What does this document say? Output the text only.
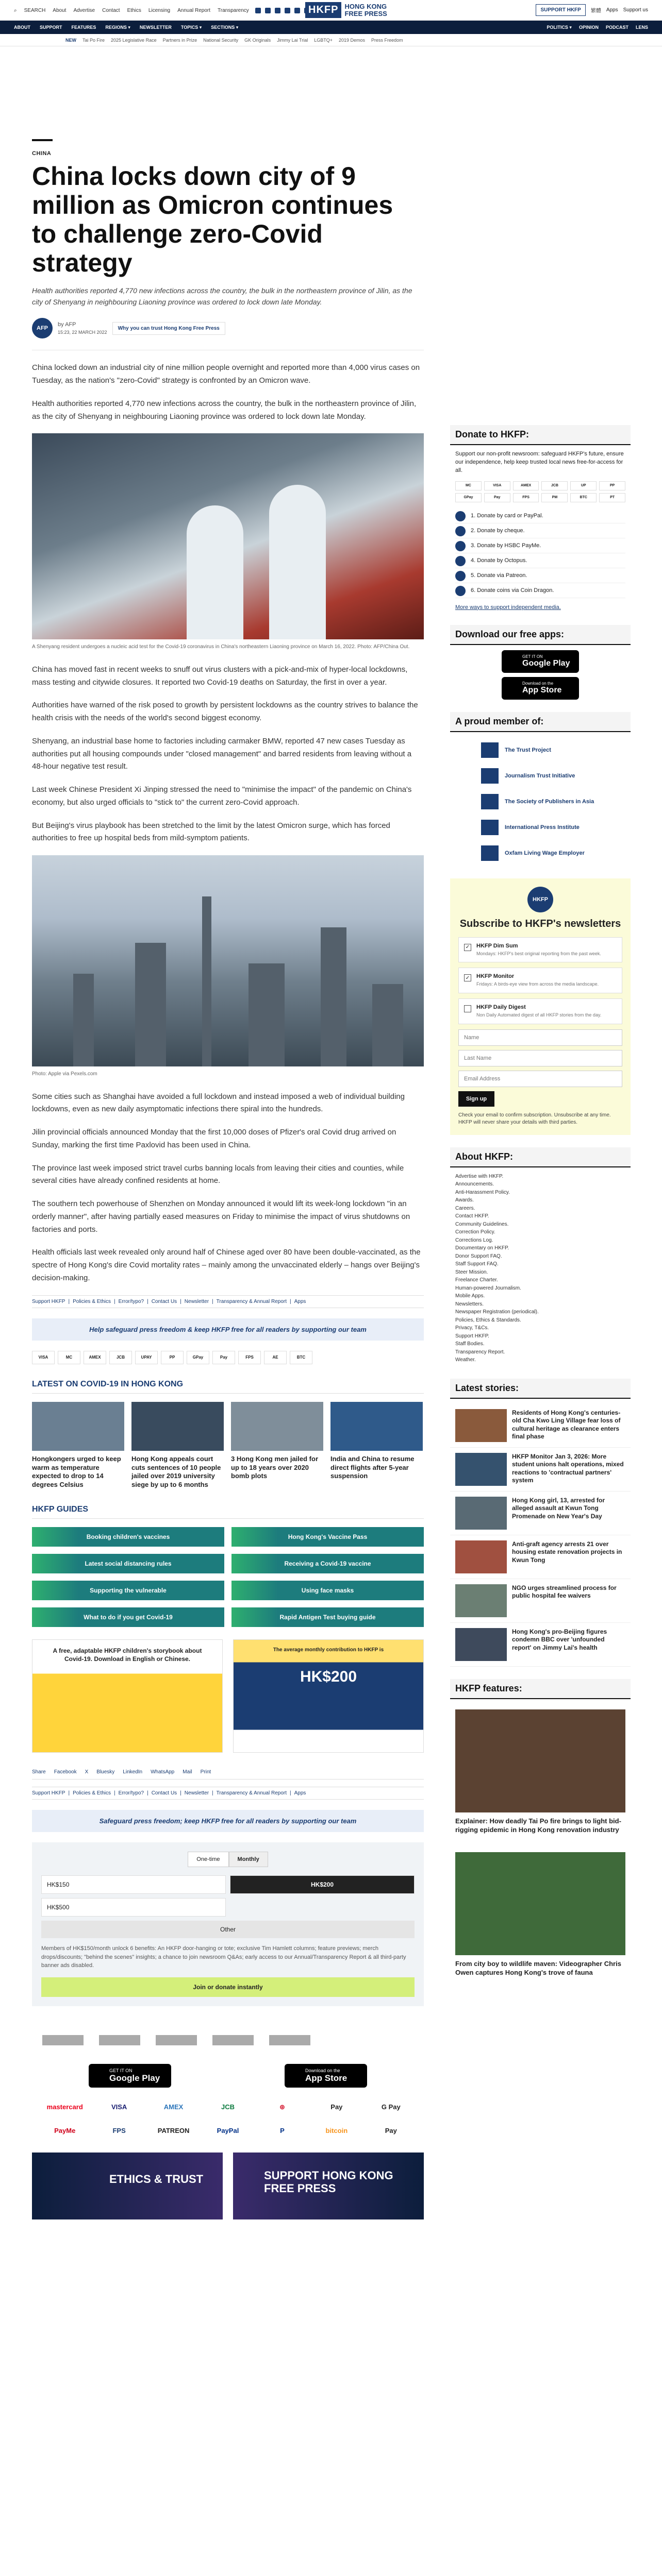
⌕ SEARCH About Advertise Contact Ethics Licensing Annual Report Transparency	HKFP HONG KONG
FREE PRESS	SUPPORT HKFP	繁體 Apps Support us
ABOUT SUPPORT FEATURES REGIONS ▾ NEWSLETTER TOPICS ▾ SECTIONS ▾	POLITICS ▾ OPINION PODCAST LENS
NEW Tai Po Fire 2025 Legislative Race Partners in Prize National Security GK Originals Jimmy Lai Trial LGBTQ+ 2019 Demos Press Freedom
CHINA
China locks down city of 9 million as Omicron continues to challenge zero-Covid strategy
Health authorities reported 4,770 new infections across the country, the bulk in the northeastern province of Jilin, as the city of Shenyang in neighbouring Liaoning province was ordered to lock down late Monday.
AFP
by AFP
15:23, 22 MARCH 2022
Why you can trust Hong Kong Free Press

China locked down an industrial city of nine million people overnight and reported more than 4,000 virus cases on Tuesday, as the nation's "zero-Covid" strategy is confronted by an Omicron wave.

Health authorities reported 4,770 new infections across the country, the bulk in the northeastern province of Jilin, as the city of Shenyang in neighbouring Liaoning province was ordered to lock down late Monday.

A Shenyang resident undergoes a nucleic acid test for the Covid-19 coronavirus in China's northeastern Liaoning province on March 16, 2022. Photo: AFP/China Out.

China has moved fast in recent weeks to snuff out virus clusters with a pick-and-mix of hyper-local lockdowns, mass testing and citywide closures. It reported two Covid-19 deaths on Saturday, the first in over a year.

Authorities have warned of the risk posed to growth by persistent lockdowns as the country strives to balance the health crisis with the needs of the world's second biggest economy.

Shenyang, an industrial base home to factories including carmaker BMW, reported 47 new cases Tuesday as authorities put all housing compounds under "closed management" and barred residents from leaving without a 48-hour negative test result.

Last week Chinese President Xi Jinping stressed the need to "minimise the impact" of the pandemic on China's economy, but also urged officials to "stick to" the current zero-Covid approach.

But Beijing's virus playbook has been stretched to the limit by the latest Omicron surge, which has forced authorities to free up hospital beds from mild-symptom patients.

Photo: Apple via Pexels.com

Some cities such as Shanghai have avoided a full lockdown and instead imposed a web of individual building lockdowns, even as new daily asymptomatic infections there spiral into the hundreds.

Jilin provincial officials announced Monday that the first 10,000 doses of Pfizer's oral Covid drug arrived on Sunday, marking the first time Paxlovid has been used in China.

The province last week imposed strict travel curbs banning locals from leaving their cities and counties, while several cities have already confined residents at home.

The southern tech powerhouse of Shenzhen on Monday announced it would lift its week-long lockdown "in an orderly manner", after having partially eased measures on Friday to minimise the impact of virus shutdowns on factories and ports.

Health officials last week revealed only around half of Chinese aged over 80 have been double-vaccinated, as the spectre of Hong Kong's dire Covid mortality rates – mainly among the unvaccinated elderly – hangs over Beijing's decision-making.

Support HKFP | Policies & Ethics | Error/typo? | Contact Us | Newsletter | Transparency & Annual Report | Apps
Help safeguard press freedom & keep HKFP free for all readers by supporting our team
VISA	MC	AMEX	JCB	UPAY	PP	GPay	Pay	FPS	AE	BTC
LATEST ON COVID-19 IN HONG KONG
Hongkongers urged to keep warm as temperature expected to drop to 14 degrees Celsius
Hong Kong appeals court cuts sentences of 10 people jailed over 2019 university siege by up to 6 months
3 Hong Kong men jailed for up to 18 years over 2020 bomb plots
India and China to resume direct flights after 5-year suspension
HKFP GUIDES
Booking children's vaccines	Hong Kong's Vaccine Pass
Latest social distancing rules	Receiving a Covid-19 vaccine
Supporting the vulnerable	Using face masks
What to do if you get Covid-19	Rapid Antigen Test buying guide

A free, adaptable HKFP children's storybook about Covid-19. Download in English or Chinese.

The average monthly contribution to HKFP is

HK$200

Share Facebook X Bluesky LinkedIn WhatsApp Mail Print
Support HKFP | Policies & Ethics | Error/typo? | Contact Us | Newsletter | Transparency & Annual Report | Apps
Safeguard press freedom; keep HKFP free for all readers by supporting our team
One-time	Monthly
HK$150	HK$200
HK$500
Other
Members of HK$150/month unlock 6 benefits: An HKFP door-hanging or tote; exclusive Tim Hamlett columns; feature previews; merch drops/discounts; "behind the scenes" insights; a chance to join newsroom Q&As; early access to our Annual/Transparency Report & all third-party banner ads disabled.
Join or donate instantly
GET IT ON
Google Play
Download on the
App Store
mastercard	VISA	AMEX	JCB	⊕	Pay	G Pay
PayMe	FPS	PATREON	PayPal	P	bitcoin	Pay

ETHICS & TRUST	SUPPORT HONG KONG FREE PRESS

Donate to HKFP:
Support our non-profit newsroom: safeguard HKFP's future, ensure our independence, help keep trusted local news free-for-access for all.
MC	VISA	AMEX	JCB	UP	PP
GPay	Pay	FPS	PM	BTC	PT
1. Donate by card or PayPal.
2. Donate by cheque.
3. Donate by HSBC PayMe.
4. Donate by Octopus.
5. Donate via Patreon.
6. Donate coins via Coin Dragon.
More ways to support independent media.
Download our free apps:
GET IT ON
Google Play
Download on the
App Store
A proud member of:
The Trust Project
Journalism Trust Initiative
The Society of Publishers in Asia
International Press Institute
Oxfam Living Wage Employer
HKFP
Subscribe to HKFP's newsletters
✓ HKFP Dim Sum
Mondays: HKFP's best original reporting from the past week.
✓ HKFP Monitor
Fridays: A birds-eye view from across the media landscape.
HKFP Daily Digest
Non Daily Automated digest of all HKFP stories from the day.
Name
Last Name
Email Address
Sign up
Check your email to confirm subscription. Unsubscribe at any time. HKFP will never share your details with third parties.
About HKFP:
Advertise with HKFP.
Announcements.
Anti-Harassment Policy.
Awards.
Careers.
Contact HKFP.
Community Guidelines.
Correction Policy.
Corrections Log.
Documentary on HKFP.
Donor Support FAQ.
Staff Support FAQ.
Steer Mission.
Freelance Charter.
Human-powered Journalism.
Mobile Apps.
Newsletters.
Newspaper Registration (periodical).
Policies, Ethics & Standards.
Privacy, T&Cs.
Support HKFP.
Staff Bodies.
Transparency Report.
Weather.
Latest stories:
Residents of Hong Kong's centuries-old Cha Kwo Ling Village fear loss of cultural heritage as clearance enters final phase
HKFP Monitor Jan 3, 2026: More student unions halt operations, mixed reactions to 'contractual partners' system
Hong Kong girl, 13, arrested for alleged assault at Kwun Tong Promenade on New Year's Day
Anti-graft agency arrests 21 over housing estate renovation projects in Kwun Tong
NGO urges streamlined process for public hospital fee waivers
Hong Kong's pro-Beijing figures condemn BBC over 'unfounded report' on Jimmy Lai's health
HKFP features:
Explainer: How deadly Tai Po fire brings to light bid-rigging epidemic in Hong Kong renovation industry
From city boy to wildlife maven: Videographer Chris Owen captures Hong Kong's trove of fauna
